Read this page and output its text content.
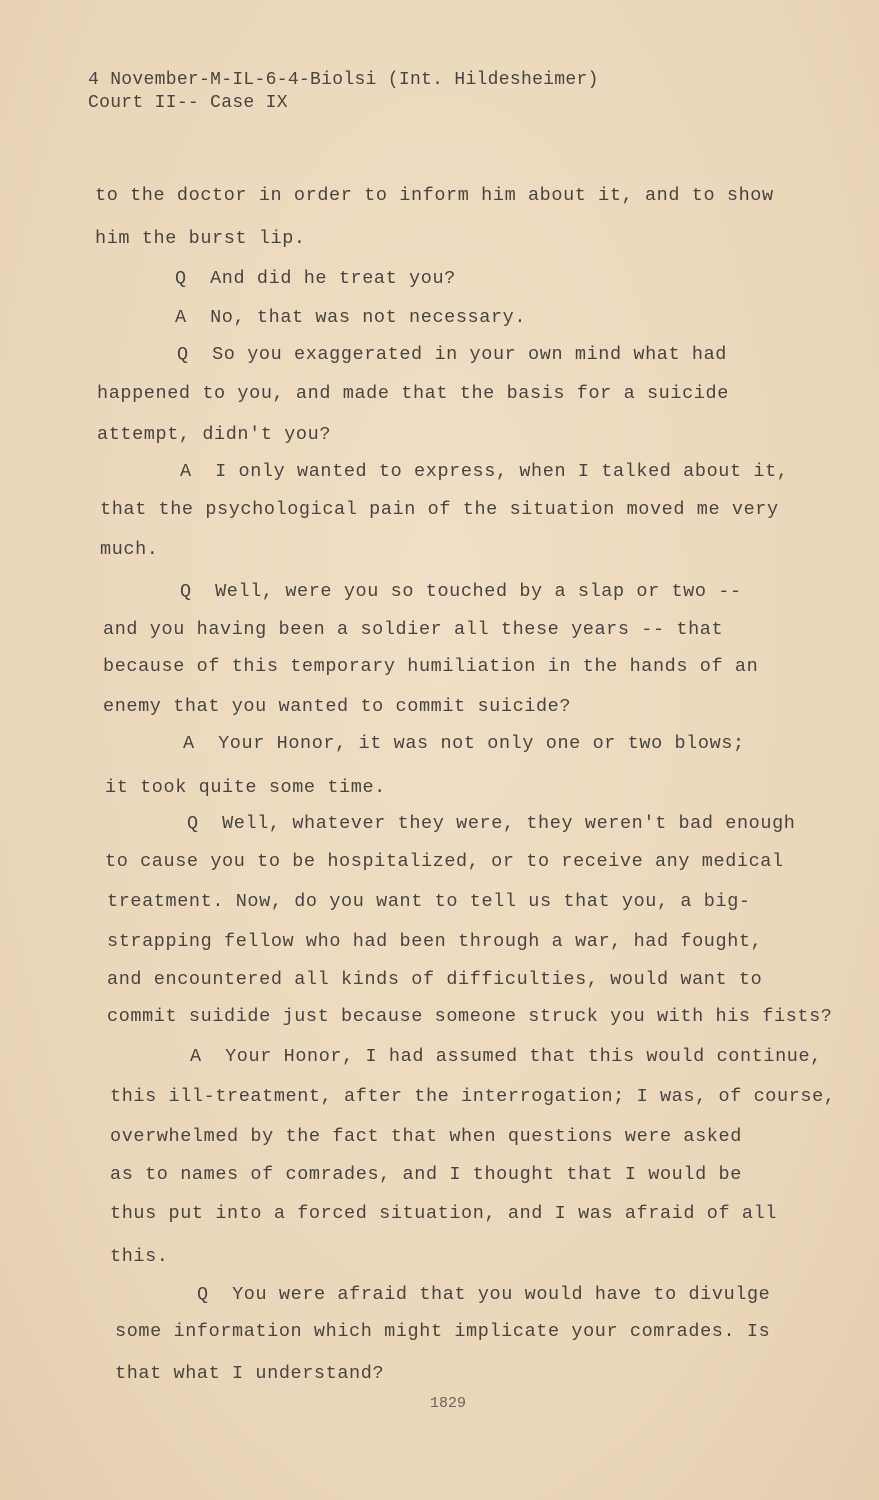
4 November-M-IL-6-4-Biolsi (Int. Hildesheimer)
Court II-- Case IX
to the doctor in order to inform him about it, and to show
him the burst lip.
Q  And did he treat you?
A  No, that was not necessary.
Q  So you exaggerated in your own mind what had
happened to you, and made that the basis for a suicide
attempt, didn't you?
A  I only wanted to express, when I talked about it,
that the psychological pain of the situation moved me very
much.
Q  Well, were you so touched by a slap or two --
and you having been a soldier all these years -- that
because of this temporary humiliation in the hands of an
enemy that you wanted to commit suicide?
A  Your Honor, it was not only one or two blows;
it took quite some time.
Q  Well, whatever they were, they weren't bad enough
to cause you to be hospitalized, or to receive any medical
treatment. Now, do you want to tell us that you, a big-
strapping fellow who had been through a war, had fought,
and encountered all kinds of difficulties, would want to
commit suidide just because someone struck you with his fists?
A  Your Honor, I had assumed that this would continue,
this ill-treatment, after the interrogation; I was, of course,
overwhelmed by the fact that when questions were asked
as to names of comrades, and I thought that I would be
thus put into a forced situation, and I was afraid of all
this.
Q  You were afraid that you would have to divulge
some information which might implicate your comrades. Is
that what I understand?
1829
